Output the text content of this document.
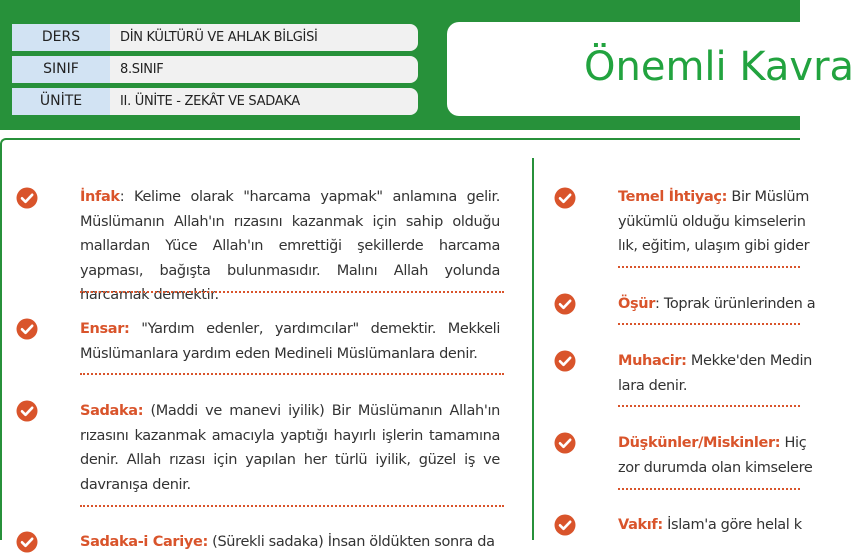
DERS	DİN KÜLTÜRÜ VE AHLAK BİLGİSİ
SINIF	8.SINIF
ÜNİTE	II. ÜNİTE - ZEKÂT VE SADAKA
Önemli Kavra
İnfak: Kelime olarak "harcama yapmak" anlamına gelir. Müslümanın Allah'ın rızasını kazanmak için sahip olduğu mallardan Yüce Allah'ın emrettiği şekillerde harcama yapması, bağışta bulunmasıdır. Malını Allah yolunda harcamak demektir.
Ensar: "Yardım edenler, yardımcılar" demektir. Mekkeli Müslümanlara yardım eden Medineli Müslümanlara denir.
Sadaka: (Maddi ve manevi iyilik) Bir Müslümanın Allah'ın rızasını kazanmak amacıyla yaptığı hayırlı işlerin tamamına denir. Allah rızası için yapılan her türlü iyilik, güzel iş ve davranışa denir.
Sadaka-i Cariye: (Sürekli sadaka) İnsan öldükten sonra da
Temel İhtiyaç: Bir Müslüm
yükümlü olduğu kimselerin
lık, eğitim, ulaşım gibi gider
Öşür: Toprak ürünlerinden a
Muhacir: Mekke'den Medin
lara denir.
Düşkünler/Miskinler: Hiç
zor durumda olan kimselere
Vakıf: İslam'a göre helal k
